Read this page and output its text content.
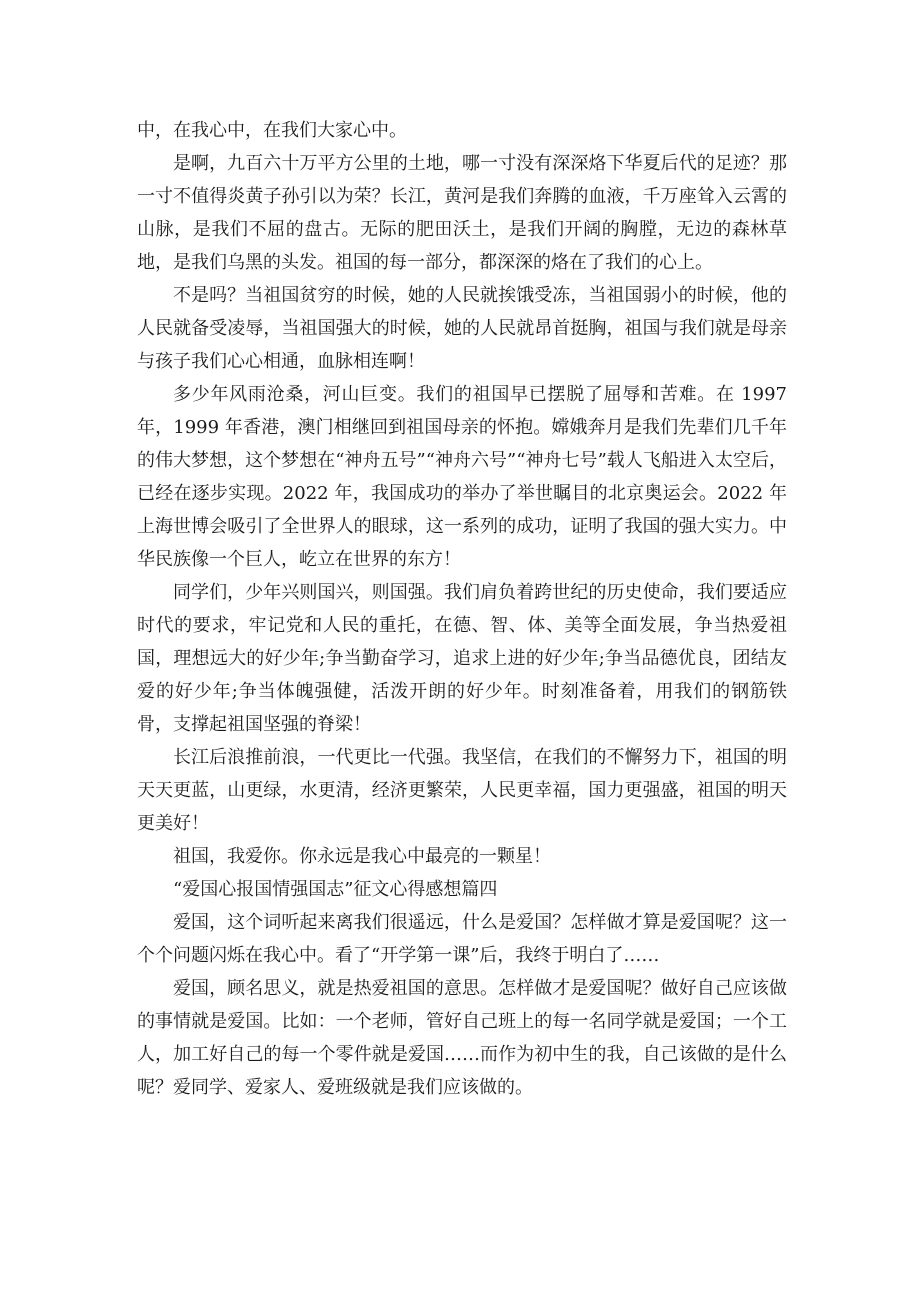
中，在我心中，在我们大家心中。

是啊，九百六十万平方公里的土地，哪一寸没有深深烙下华夏后代的足迹？那一寸不值得炎黄子孙引以为荣？长江，黄河是我们奔腾的血液，千万座耸入云霄的山脉，是我们不屈的盘古。无际的肥田沃土，是我们开阔的胸膛，无边的森林草地，是我们乌黑的头发。祖国的每一部分，都深深的烙在了我们的心上。

不是吗？当祖国贫穷的时候，她的人民就挨饿受冻，当祖国弱小的时候，他的人民就备受凌辱，当祖国强大的时候，她的人民就昂首挺胸，祖国与我们就是母亲与孩子我们心心相通，血脉相连啊！

多少年风雨沧桑，河山巨变。我们的祖国早已摆脱了屈辱和苦难。在 1997 年，1999 年香港，澳门相继回到祖国母亲的怀抱。嫦娥奔月是我们先辈们几千年的伟大梦想，这个梦想在“神舟五号”“神舟六号”“神舟七号”载人飞船进入太空后，已经在逐步实现。2022 年，我国成功的举办了举世瞩目的北京奥运会。2022 年上海世博会吸引了全世界人的眼球，这一系列的成功，证明了我国的强大实力。中华民族像一个巨人，屹立在世界的东方！

同学们，少年兴则国兴，则国强。我们肩负着跨世纪的历史使命，我们要适应时代的要求，牢记党和人民的重托，在德、智、体、美等全面发展，争当热爱祖国，理想远大的好少年;争当勤奋学习，追求上进的好少年;争当品德优良，团结友爱的好少年;争当体魄强健，活泼开朗的好少年。时刻准备着，用我们的钢筋铁骨，支撑起祖国坚强的脊梁！

长江后浪推前浪，一代更比一代强。我坚信，在我们的不懈努力下，祖国的明天天更蓝，山更绿，水更清，经济更繁荣，人民更幸福，国力更强盛，祖国的明天更美好！

祖国，我爱你。你永远是我心中最亮的一颗星！

“爱国心报国情强国志”征文心得感想篇四

爱国，这个词听起来离我们很遥远，什么是爱国？怎样做才算是爱国呢？这一个个问题闪烁在我心中。看了“开学第一课”后，我终于明白了……

爱国，顾名思义，就是热爱祖国的意思。怎样做才是爱国呢？做好自己应该做的事情就是爱国。比如：一个老师，管好自己班上的每一名同学就是爱国；一个工人，加工好自己的每一个零件就是爱国……而作为初中生的我，自己该做的是什么呢？爱同学、爱家人、爱班级就是我们应该做的。
